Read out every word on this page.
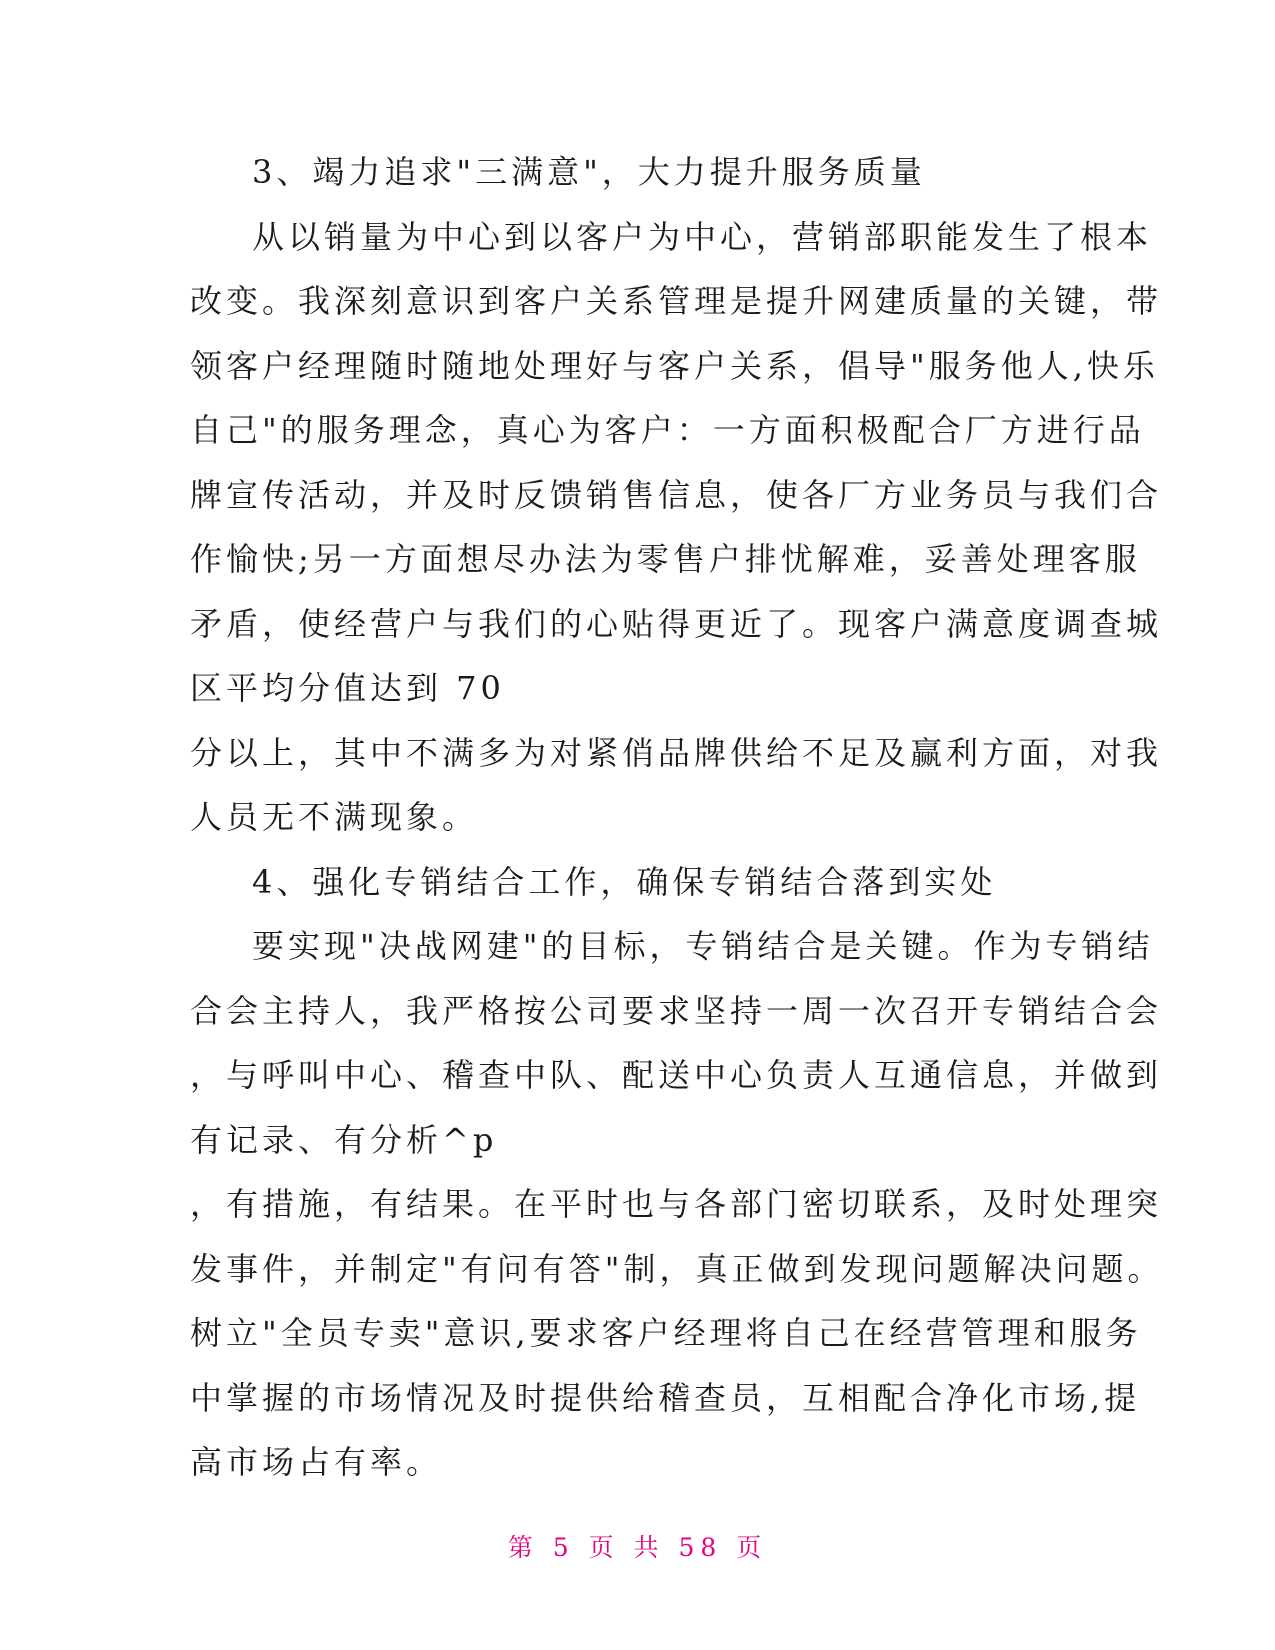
3、竭力追求"三满意"，大力提升服务质量
从以销量为中心到以客户为中心，营销部职能发生了根本
改变。我深刻意识到客户关系管理是提升网建质量的关键，带
领客户经理随时随地处理好与客户关系，倡导"服务他人,快乐
自己"的服务理念，真心为客户：一方面积极配合厂方进行品
牌宣传活动，并及时反馈销售信息，使各厂方业务员与我们合
作愉快;另一方面想尽办法为零售户排忧解难，妥善处理客服
矛盾，使经营户与我们的心贴得更近了。现客户满意度调查城
区平均分值达到 70
分以上，其中不满多为对紧俏品牌供给不足及赢利方面，对我
人员无不满现象。
4、强化专销结合工作，确保专销结合落到实处
要实现"决战网建"的目标，专销结合是关键。作为专销结
合会主持人，我严格按公司要求坚持一周一次召开专销结合会
，与呼叫中心、稽查中队、配送中心负责人互通信息，并做到
有记录、有分析^p
，有措施，有结果。在平时也与各部门密切联系，及时处理突
发事件，并制定"有问有答"制，真正做到发现问题解决问题。
树立"全员专卖"意识,要求客户经理将自己在经营管理和服务
中掌握的市场情况及时提供给稽查员，互相配合净化市场,提
高市场占有率。
第 5 页 共 58 页
